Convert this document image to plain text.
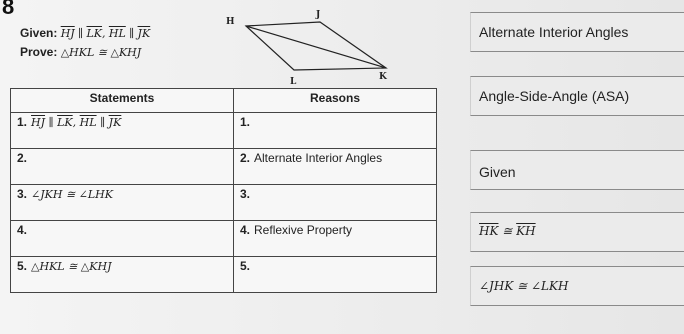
8
Given: $\overline{HJ}$ ∥ $\overline{LK}$, $\overline{HL}$ ∥ $\overline{JK}$
Prove: △HKL ≅ △KHJ
H
J
L	K
Statements	Reasons
1. $\overline{HJ}$ ∥ $\overline{LK}$, $\overline{HL}$ ∥ $\overline{JK}$	1.
2.	2. Alternate Interior Angles
3. ∠JKH ≅ ∠LHK	3.
4.	4. Reflexive Property
5. △HKL ≅ △KHJ	5.
Alternate Interior Angles
Angle-Side-Angle (ASA)
Given
$\overline{HK}$ ≅ $\overline{KH}$
∠JHK ≅ ∠LKH
